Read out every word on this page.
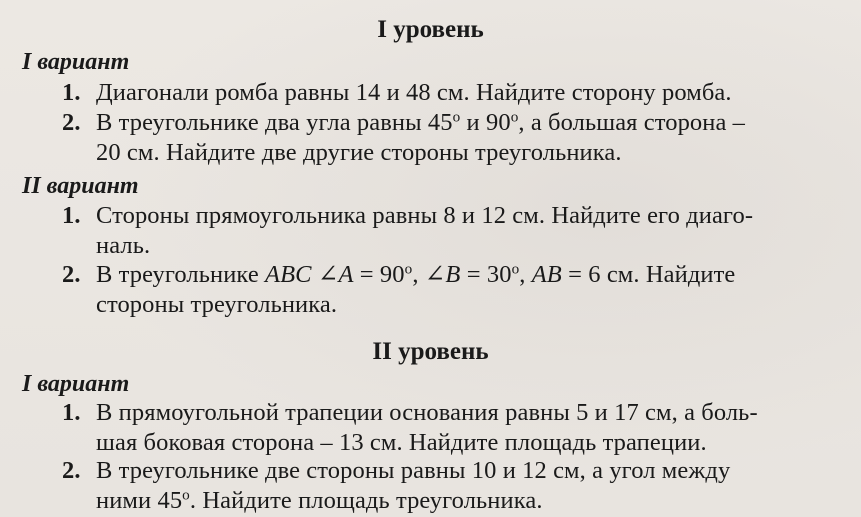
I уровень
I вариант
1. Диагонали ромба равны 14 и 48 см. Найдите сторону ромба.
2. В треугольнике два угла равны 45$^o$ и 90$^o$, а большая сторона –
20 см. Найдите две другие стороны треугольника.
II вариант
1. Стороны прямоугольника равны 8 и 12 см. Найдите его диаго-
наль.
2. В треугольнике ABC ∠A = $90^o$, ∠B = $30^o$, AB = 6 см. Найдите
стороны треугольника.
II уровень
I вариант
1. В прямоугольной трапеции основания равны 5 и 17 см, а боль-
шая боковая сторона – 13 см. Найдите площадь трапеции.
2. В треугольнике две стороны равны 10 и 12 см, а угол между
ними 45$^o$. Найдите площадь треугольника.
